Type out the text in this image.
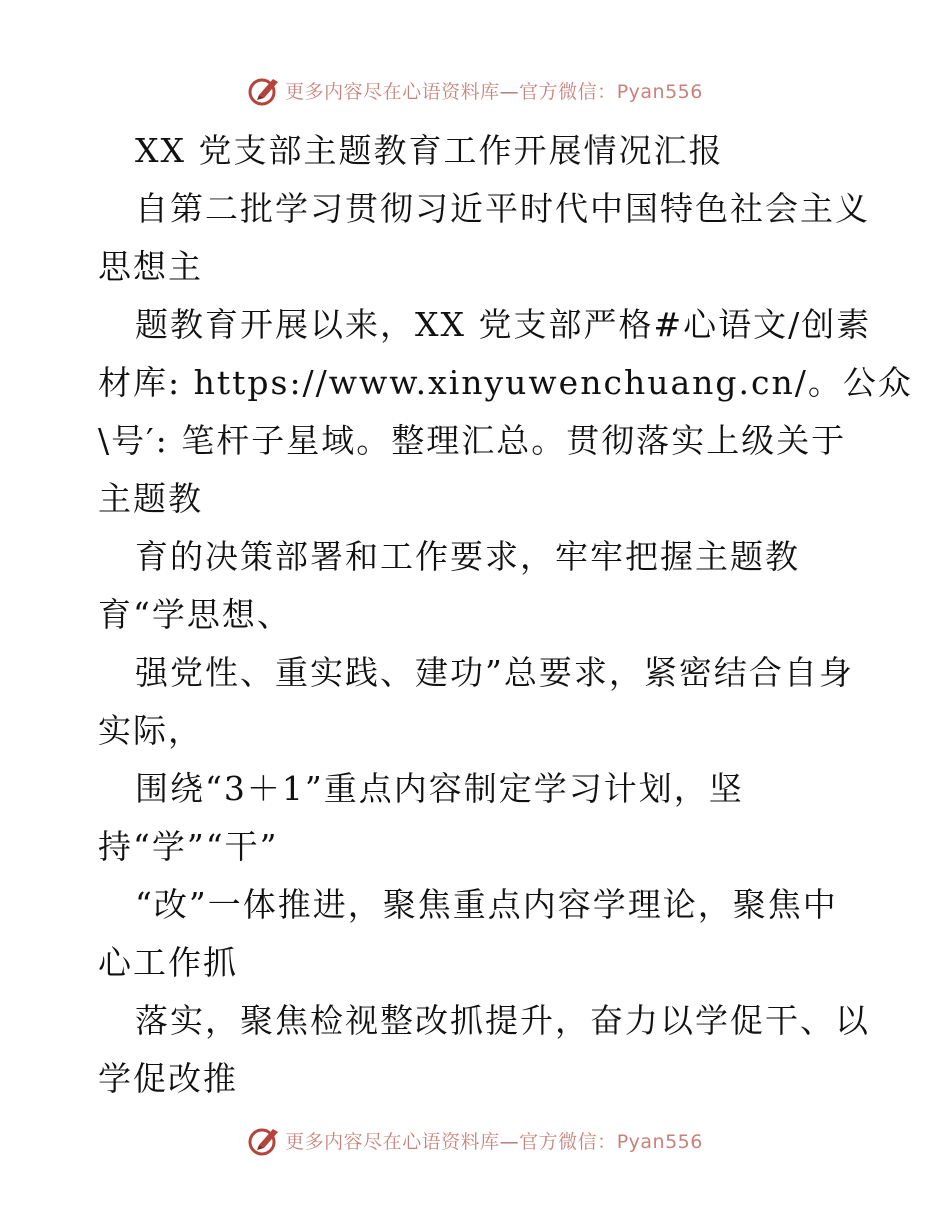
更多内容尽在心语资料库—官方微信：Pyan556
XX 党支部主题教育工作开展情况汇报
自第二批学习贯彻习近平时代中国特色社会主义
思想主
题教育开展以来，XX 党支部严格#心语文/创素
材库: https://www.xinyuwenchuang.cn/。公众
\号′: 笔杆子星域。整理汇总。贯彻落实上级关于
主题教
育的决策部署和工作要求，牢牢把握主题教
育“学思想、
强党性、重实践、建功”总要求，紧密结合自身
实际，
围绕“3＋1”重点内容制定学习计划，坚
持“学”“干”
“改”一体推进，聚焦重点内容学理论，聚焦中
心工作抓
落实，聚焦检视整改抓提升，奋力以学促干、以
学促改推
更多内容尽在心语资料库—官方微信：Pyan556
